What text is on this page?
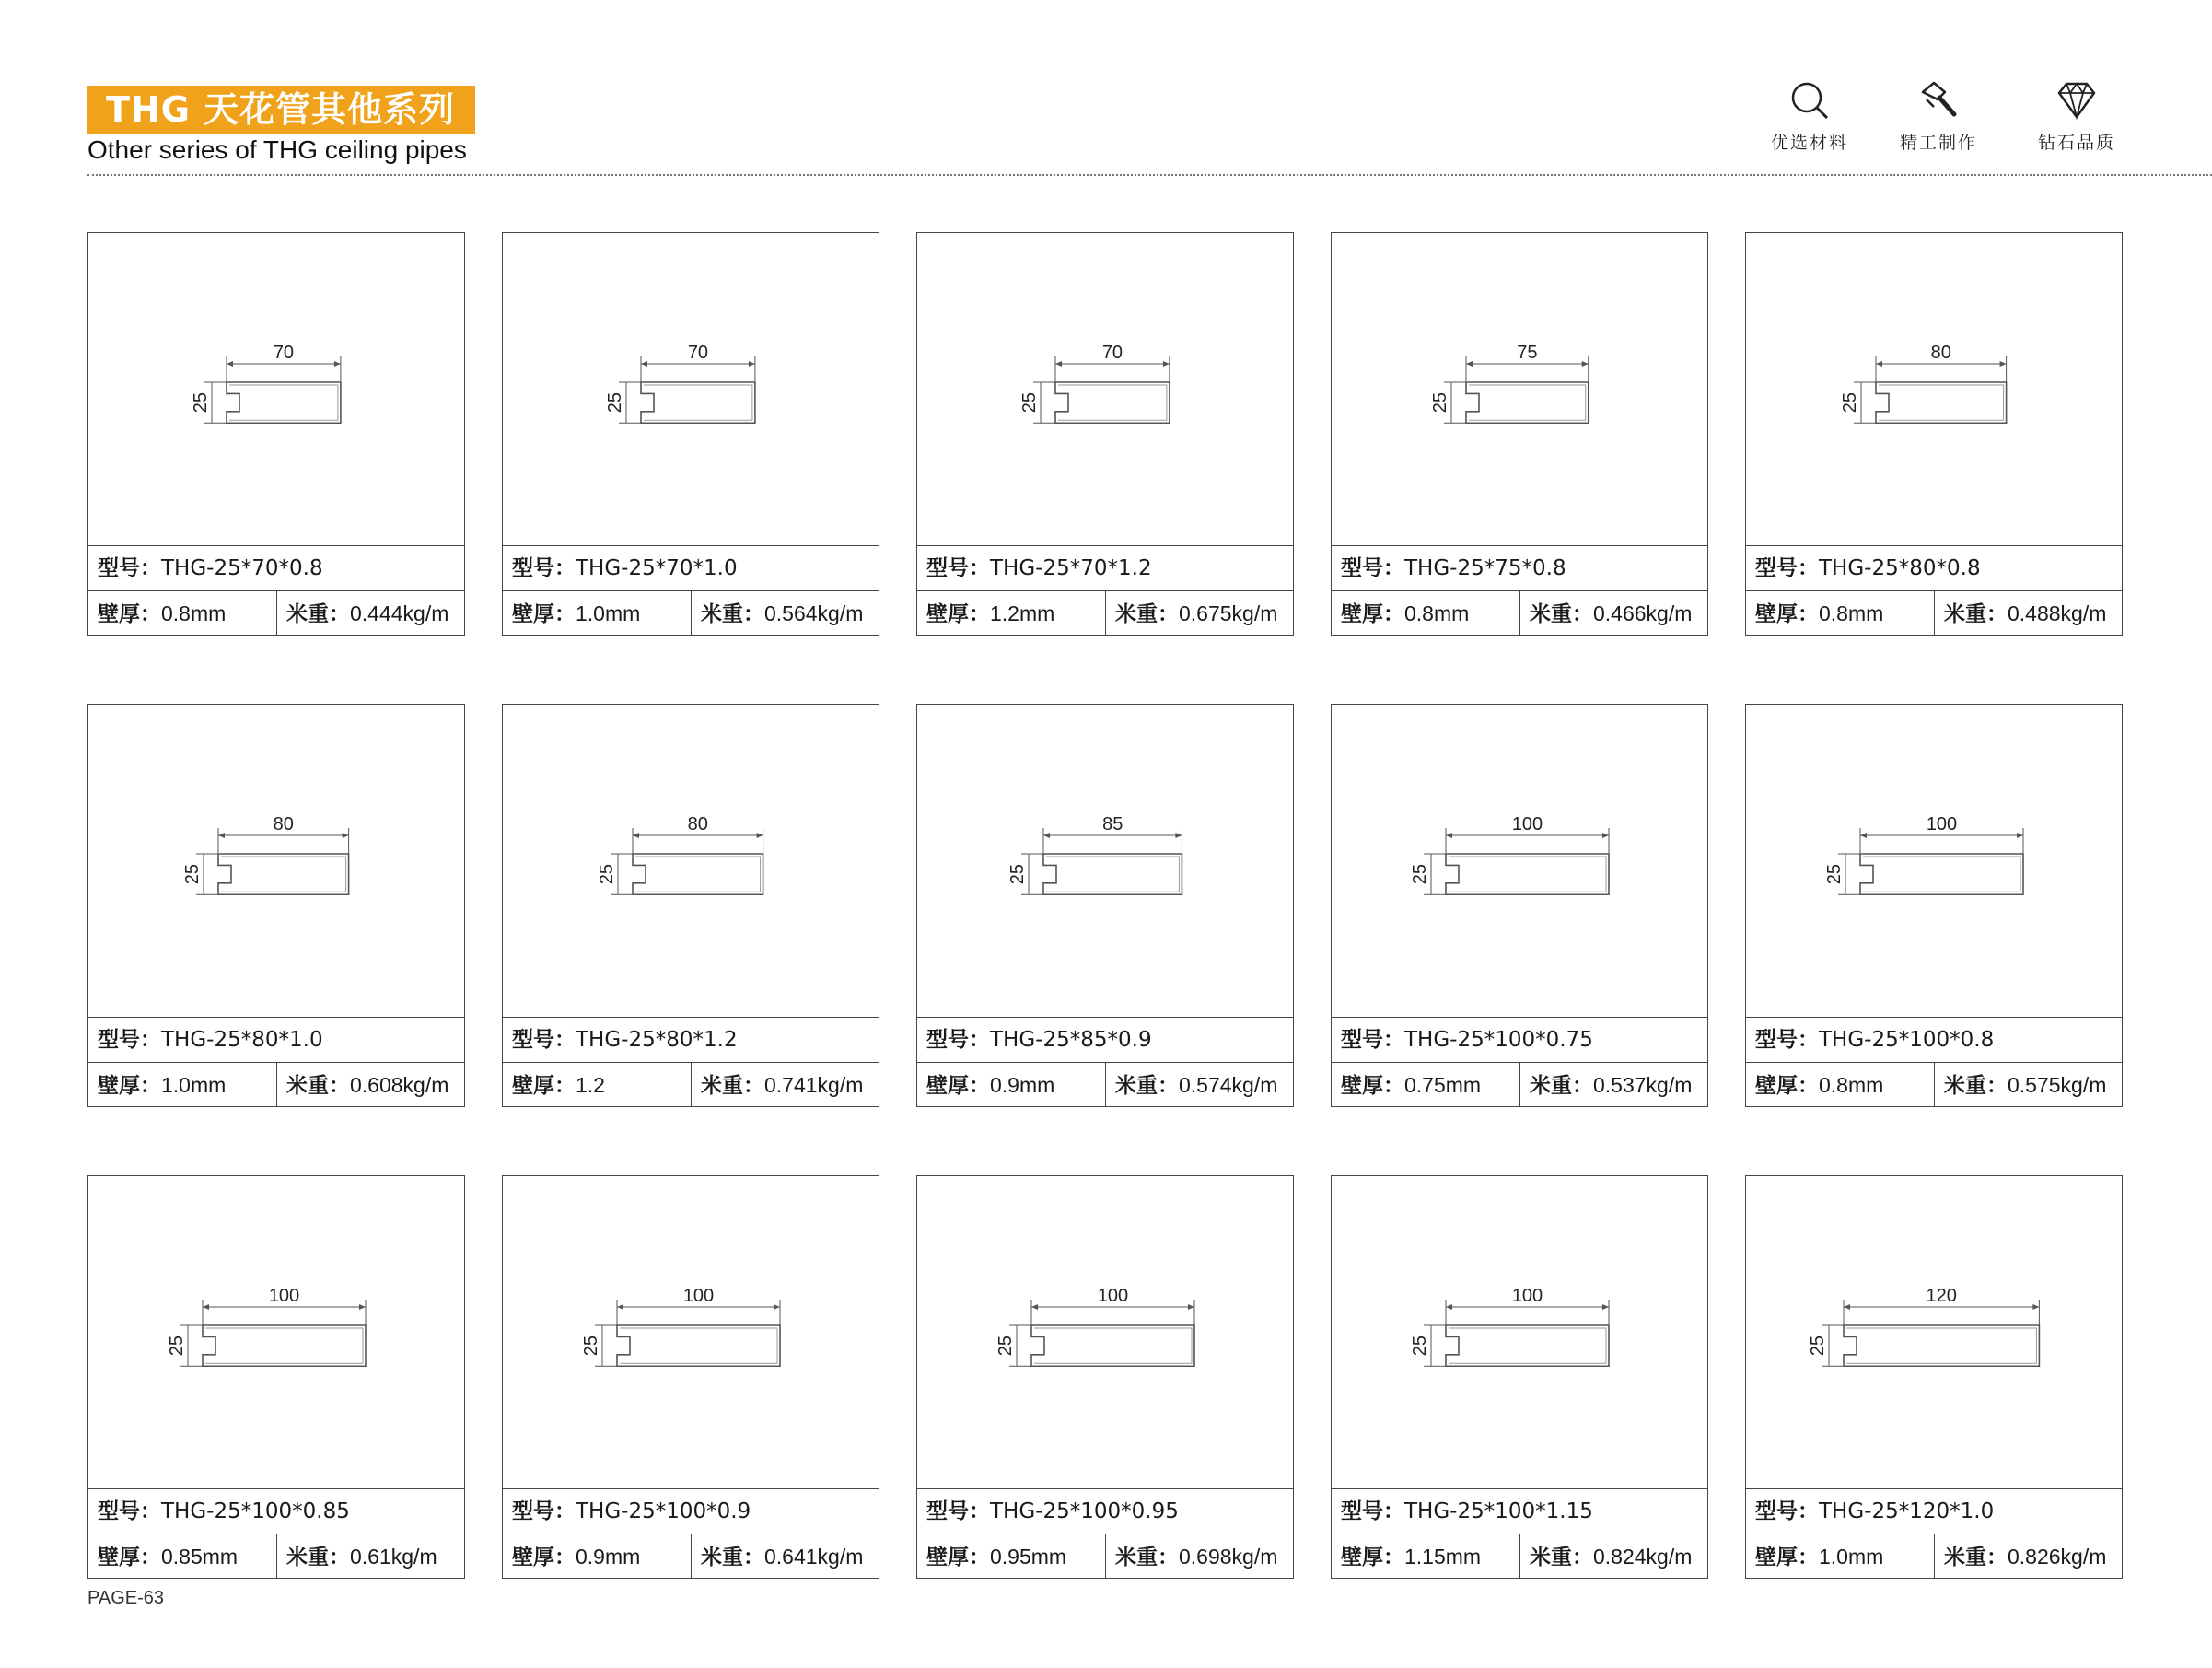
THG 天花管其他系列
Other series of THG ceiling pipes	优选材料	精工制作	钻石品质
70
25
型号：THG-25*70*0.8
壁厚：0.8mm	米重：0.444kg/m
70
25
型号：THG-25*70*1.0
壁厚：1.0mm	米重：0.564kg/m
70
25
型号：THG-25*70*1.2
壁厚：1.2mm	米重：0.675kg/m
75
25
型号：THG-25*75*0.8
壁厚：0.8mm	米重：0.466kg/m
80
25
型号：THG-25*80*0.8
壁厚：0.8mm	米重：0.488kg/m
80
25
型号：THG-25*80*1.0
壁厚：1.0mm	米重：0.608kg/m
80
25
型号：THG-25*80*1.2
壁厚：1.2	米重：0.741kg/m
85
25
型号：THG-25*85*0.9
壁厚：0.9mm	米重：0.574kg/m
100
25
型号：THG-25*100*0.75
壁厚：0.75mm	米重：0.537kg/m
100
25
型号：THG-25*100*0.8
壁厚：0.8mm	米重：0.575kg/m
100
25
型号：THG-25*100*0.85
壁厚：0.85mm	米重：0.61kg/m
100
25
型号：THG-25*100*0.9
壁厚：0.9mm	米重：0.641kg/m
100
25
型号：THG-25*100*0.95
壁厚：0.95mm	米重：0.698kg/m
100
25
型号：THG-25*100*1.15
壁厚：1.15mm	米重：0.824kg/m
120
25
型号：THG-25*120*1.0
壁厚：1.0mm	米重：0.826kg/m
PAGE-63
